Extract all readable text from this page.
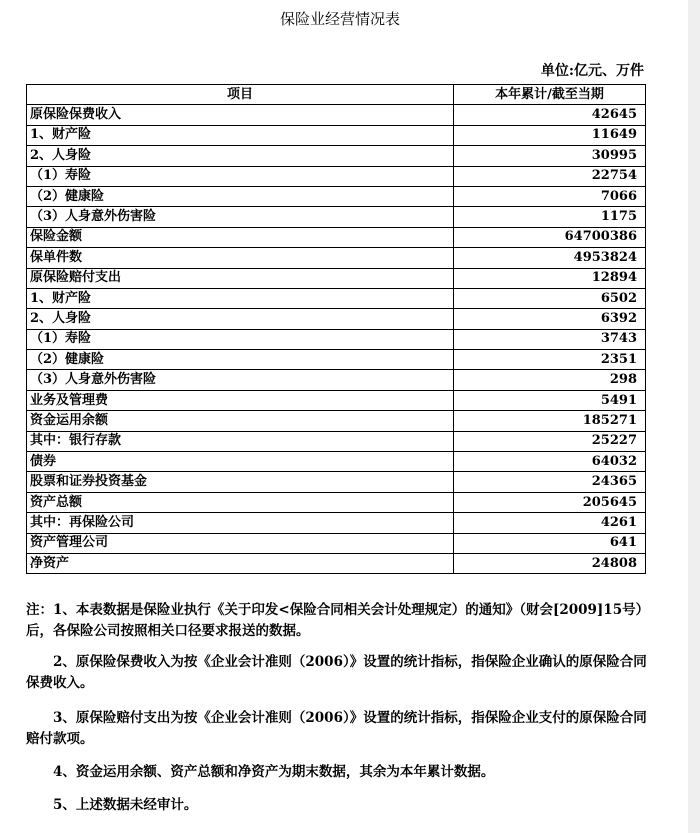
保险业经营情况表
单位:亿元、万件
项目	本年累计/截至当期
原保险保费收入	42645
1、财产险	11649
2、人身险	30995
（1）寿险	22754
（2）健康险	7066
（3）人身意外伤害险	1175
保险金额	64700386
保单件数	4953824
原保险赔付支出	12894
1、财产险	6502
2、人身险	6392
（1）寿险	3743
（2）健康险	2351
（3）人身意外伤害险	298
业务及管理费	5491
资金运用余额	185271
其中：银行存款	25227
债券	64032
股票和证券投资基金	24365
资产总额	205645
其中：再保险公司	4261
资产管理公司	641
净资产	24808

注：1、本表数据是保险业执行《关于印发<保险合同相关会计处理规定）的通知》（财会[2009]15号）后，各保险公司按照相关口径要求报送的数据。

2、原保险保费收入为按《企业会计准则（2006）》设置的统计指标，指保险企业确认的原保险合同保费收入。

3、原保险赔付支出为按《企业会计准则（2006）》设置的统计指标，指保险企业支付的原保险合同赔付款项。

4、资金运用余额、资产总额和净资产为期末数据，其余为本年累计数据。

5、上述数据未经审计。
